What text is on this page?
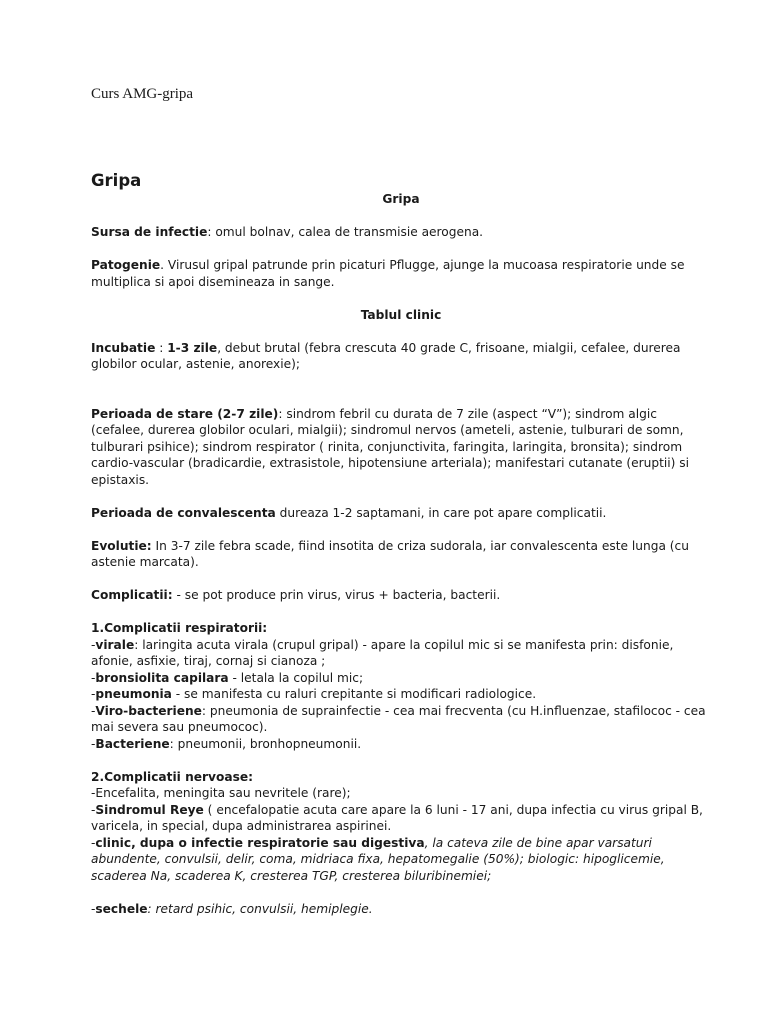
Curs AMG-gripa
Gripa

Gripa

Sursa de infectie: omul bolnav, calea de transmisie aerogena.

Patogenie. Virusul gripal patrunde prin picaturi Pflugge, ajunge la mucoasa respiratorie unde se multiplica si apoi disemineaza in sange.

Tablul clinic

Incubatie : 1-3 zile, debut brutal (febra crescuta 40 grade C, frisoane, mialgii, cefalee, durerea globilor ocular, astenie, anorexie);

Perioada de stare (2-7 zile): sindrom febril cu durata de 7 zile (aspect “V”); sindrom algic (cefalee, durerea globilor oculari, mialgii); sindromul nervos (ameteli, astenie, tulburari de somn, tulburari psihice); sindrom respirator ( rinita, conjunctivita, faringita, laringita, bronsita); sindrom cardio-vascular (bradicardie, extrasistole, hipotensiune arteriala); manifestari cutanate (eruptii) si epistaxis.

Perioada de convalescenta dureaza 1-2 saptamani, in care pot apare complicatii.

Evolutie: In 3-7 zile febra scade, fiind insotita de criza sudorala, iar convalescenta este lunga (cu astenie marcata).

Complicatii: - se pot produce prin virus, virus + bacteria, bacterii.

1.Complicatii respiratorii:

-virale: laringita acuta virala (crupul gripal) - apare la copilul mic si se manifesta prin: disfonie, afonie, asfixie, tiraj, cornaj si cianoza ;

-bronsiolita capilara - letala la copilul mic;

-pneumonia - se manifesta cu raluri crepitante si modificari radiologice.

-Viro-bacteriene: pneumonia de suprainfectie - cea mai frecventa (cu H.influenzae, stafilococ - cea mai severa sau pneumococ).

-Bacteriene: pneumonii, bronhopneumonii.

2.Complicatii nervoase:

-Encefalita, meningita sau nevritele (rare);

-Sindromul Reye ( encefalopatie acuta care apare la 6 luni - 17 ani, dupa infectia cu virus gripal B, varicela, in special, dupa administrarea aspirinei.

-clinic, dupa o infectie respiratorie sau digestiva, la cateva zile de bine apar varsaturi abundente, convulsii, delir, coma, midriaca fixa, hepatomegalie (50%); biologic: hipoglicemie, scaderea Na, scaderea K, cresterea TGP, cresterea biluribinemiei;

-sechele: retard psihic, convulsii, hemiplegie.
